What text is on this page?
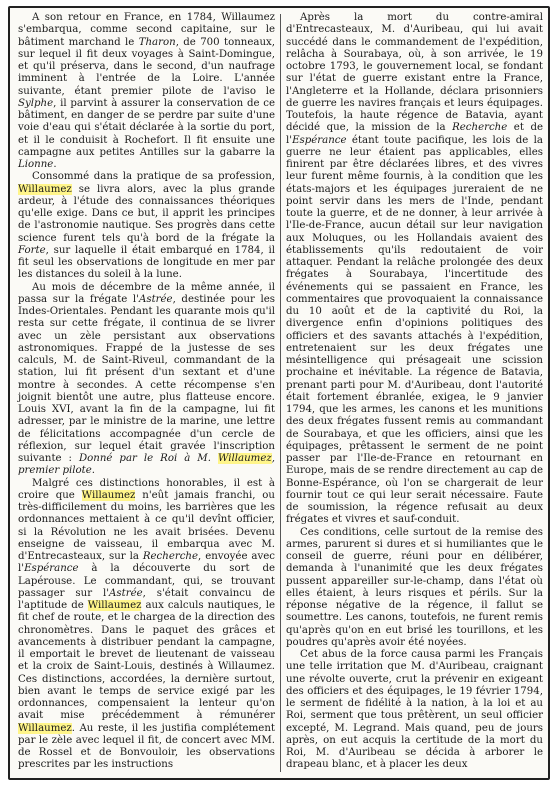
A son retour en France, en 1784, Willaumez s'embarqua, comme second capitaine, sur le bâtiment marchand le Tharon, de 700 tonneaux, sur lequel il fit deux voyages à Saint-Domingue, et qu'il préserva, dans le second, d'un naufrage imminent à l'entrée de la Loire. L'année suivante, étant premier pilote de l'aviso le Sylphe, il parvint à assurer la conservation de ce bâtiment, en danger de se perdre par suite d'une voie d'eau qui s'était déclarée à la sortie du port, et il le conduisit à Rochefort. Il fit ensuite une campagne aux petites Antilles sur la gabarre la Lionne.

Consommé dans la pratique de sa profession, Willaumez se livra alors, avec la plus grande ardeur, à l'étude des connaissances théoriques qu'elle exige. Dans ce but, il apprit les principes de l'astronomie nautique. Ses progrès dans cette science furent tels qu'à bord de la frégate la Forte, sur laquelle il était embarqué en 1784, il fit seul les observations de longitude en mer par les distances du soleil à la lune.

Au mois de décembre de la même année, il passa sur la frégate l'Astrée, destinée pour les Indes-Orientales. Pendant les quarante mois qu'il resta sur cette frégate, il continua de se livrer avec un zèle persistant aux observations astronomiques. Frappé de la justesse de ses calculs, M. de Saint-Riveul, commandant de la station, lui fit présent d'un sextant et d'une montre à secondes. A cette récompense s'en joignit bientôt une autre, plus flatteuse encore. Louis XVI, avant la fin de la campagne, lui fit adresser, par le ministre de la marine, une lettre de félicitations accompagnée d'un cercle de réflexion, sur lequel était gravée l'inscription suivante : Donné par le Roi à M. Willaumez, premier pilote.

Malgré ces distinctions honorables, il est à croire que Willaumez n'eût jamais franchi, ou très-difficilement du moins, les barrières que les ordonnances mettaient à ce qu'il devînt officier, si la Révolution ne les avait brisées. Devenu enseigne de vaisseau, il embarqua avec M. d'Entrecasteaux, sur la Recherche, envoyée avec l'Espérance à la découverte du sort de Lapérouse. Le commandant, qui, se trouvant passager sur l'Astrée, s'était convaincu de l'aptitude de Willaumez aux calculs nautiques, le fit chef de route, et le chargea de la direction des chronomètres. Dans le paquet des grâces et avancements à distribuer pendant la campagne, il emportait le brevet de lieutenant de vaisseau et la croix de Saint-Louis, destinés à Willaumez. Ces distinctions, accordées, la dernière surtout, bien avant le temps de service exigé par les ordonnances, compensaient la lenteur qu'on avait mise précédemment à rémunérer Willaumez. Au reste, il les justifia complétement par le zèle avec lequel il fit, de concert avec MM. de Rossel et de Bonvouloir, les observations prescrites par les instructions

Après la mort du contre-amiral d'Entrecasteaux, M. d'Auribeau, qui lui avait succédé dans le commandement de l'expédition, relâcha à Sourabaya, où, à son arrivée, le 19 octobre 1793, le gouvernement local, se fondant sur l'état de guerre existant entre la France, l'Angleterre et la Hollande, déclara prisonniers de guerre les navires français et leurs équipages. Toutefois, la haute régence de Batavia, ayant décidé que, la mission de la Recherche et de l'Espérance étant toute pacifique, les lois de la guerre ne leur étaient pas applicables, elles finirent par être déclarées libres, et des vivres leur furent même fournis, à la condition que les états-majors et les équipages jureraient de ne point servir dans les mers de l'Inde, pendant toute la guerre, et de ne donner, à leur arrivée à l'Ile-de-France, aucun détail sur leur navigation aux Moluques, ou les Hollandais avaient des établissements qu'ils redoutaient de voir attaquer. Pendant la relâche prolongée des deux frégates à Sourabaya, l'incertitude des événements qui se passaient en France, les commentaires que provoquaient la connaissance du 10 août et de la captivité du Roi, la divergence enfin d'opinions politiques des officiers et des savants attachés à l'expédition, entretenaient sur les deux frégates une mésintelligence qui présageait une scission prochaine et inévitable. La régence de Batavia, prenant parti pour M. d'Auribeau, dont l'autorité était fortement ébranlée, exigea, le 9 janvier 1794, que les armes, les canons et les munitions des deux frégates fussent remis au commandant de Sourabaya, et que les officiers, ainsi que les équipages, prêtassent le serment de ne point passer par l'Ile-de-France en retournant en Europe, mais de se rendre directement au cap de Bonne-Espérance, où l'on se chargerait de leur fournir tout ce qui leur serait nécessaire. Faute de soumission, la régence refusait au deux frégates et vivres et sauf-conduit.

Ces conditions, celle surtout de la remise des armes, parurent si dures et si humiliantes que le conseil de guerre, réuni pour en délibérer, demanda à l'unanimité que les deux frégates pussent appareiller sur-le-champ, dans l'état où elles étaient, à leurs risques et périls. Sur la réponse négative de la régence, il fallut se soumettre. Les canons, toutefois, ne furent remis qu'après qu'on en eut brisé les tourillons, et les poudres qu'après avoir été noyées.

Cet abus de la force causa parmi les Français une telle irritation que M. d'Auribeau, craignant une révolte ouverte, crut la prévenir en exigeant des officiers et des équipages, le 19 février 1794, le serment de fidélité à la nation, à la loi et au Roi, serment que tous prêtèrent, un seul officier excepté, M. Legrand. Mais quand, peu de jours après, on eut acquis la certitude de la mort du Roi, M. d'Auribeau se décida à arborer le drapeau blanc, et à placer les deux
